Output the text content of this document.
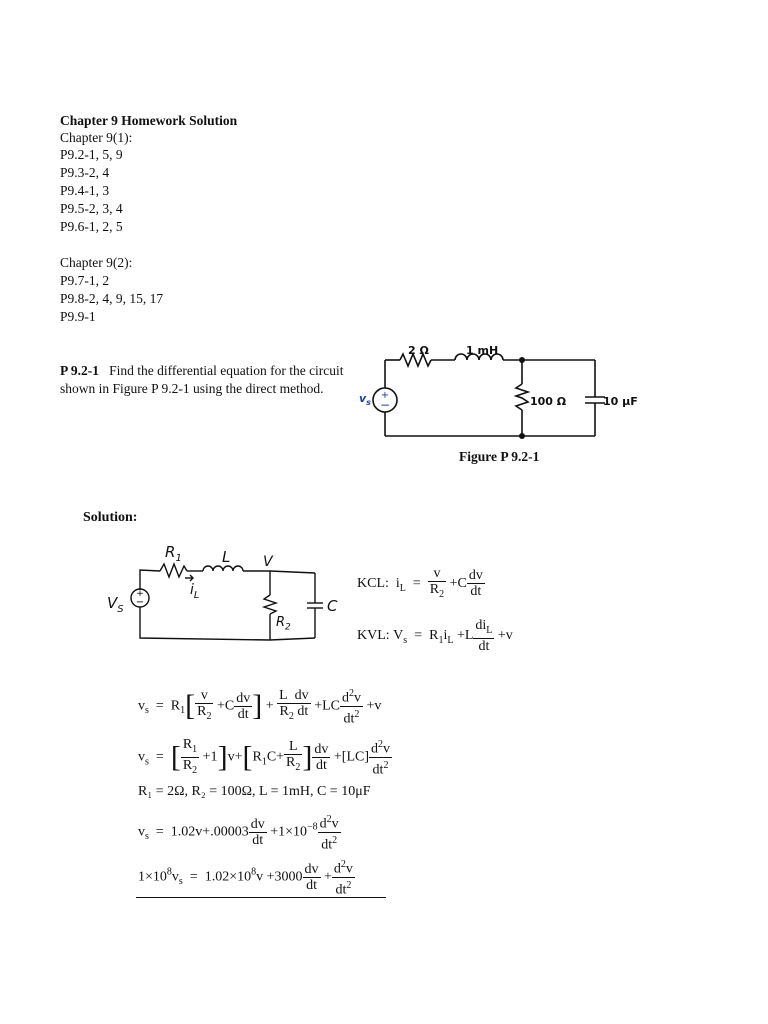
Chapter 9 Homework Solution
Chapter 9(1):
P9.2-1, 5, 9
P9.3-2, 4
P9.4-1, 3
P9.5-2, 3, 4
P9.6-1, 2, 5
Chapter 9(2):
P9.7-1, 2
P9.8-2, 4, 9, 15, 17
P9.9-1
P 9.2-1 Find the differential equation for the circuit shown in Figure P 9.2-1 using the direct method.	+
−
2 Ω	1 mH
100 Ω	10 μF
$v_s$
Figure P 9.2-1
Solution:
+
−
$R_1$	L V
$i_L$
$V_S$
$R_2$
C
KCL:  $i_L = \frac{v}{R_2} +C \frac{dv}{dt}$
KVL: $V_s = R_1i_L +L \frac{di_L}{dt} +v$
$v_s = R_1[ \frac{v}{R_2} +C \frac{dv}{dt}$ ] + $\frac{\text{L  dv}}{R_2 dt} +LC \frac{d^2v}{dt^2} +v$
$v_s$  =  [ $\frac{R_1}{R_2} +1]v+[R_1C+ \frac{L}{R_2}$ ] $\frac{dv}{dt} +[LC] \frac{d^2v}{dt^2}$
R₁ = 2Ω, R₂ = 100Ω, L = 1mH, C = 10μF
$v_s = 1.02v+.00003 \frac{dv}{dt} +1\times 10^{-8} \frac{d^2v}{dt^2}$
$1\times 10^8v_s = 1.02\times 10^8v +3000 \frac{dv}{dt} + \frac{d^2v}{dt^2}$
